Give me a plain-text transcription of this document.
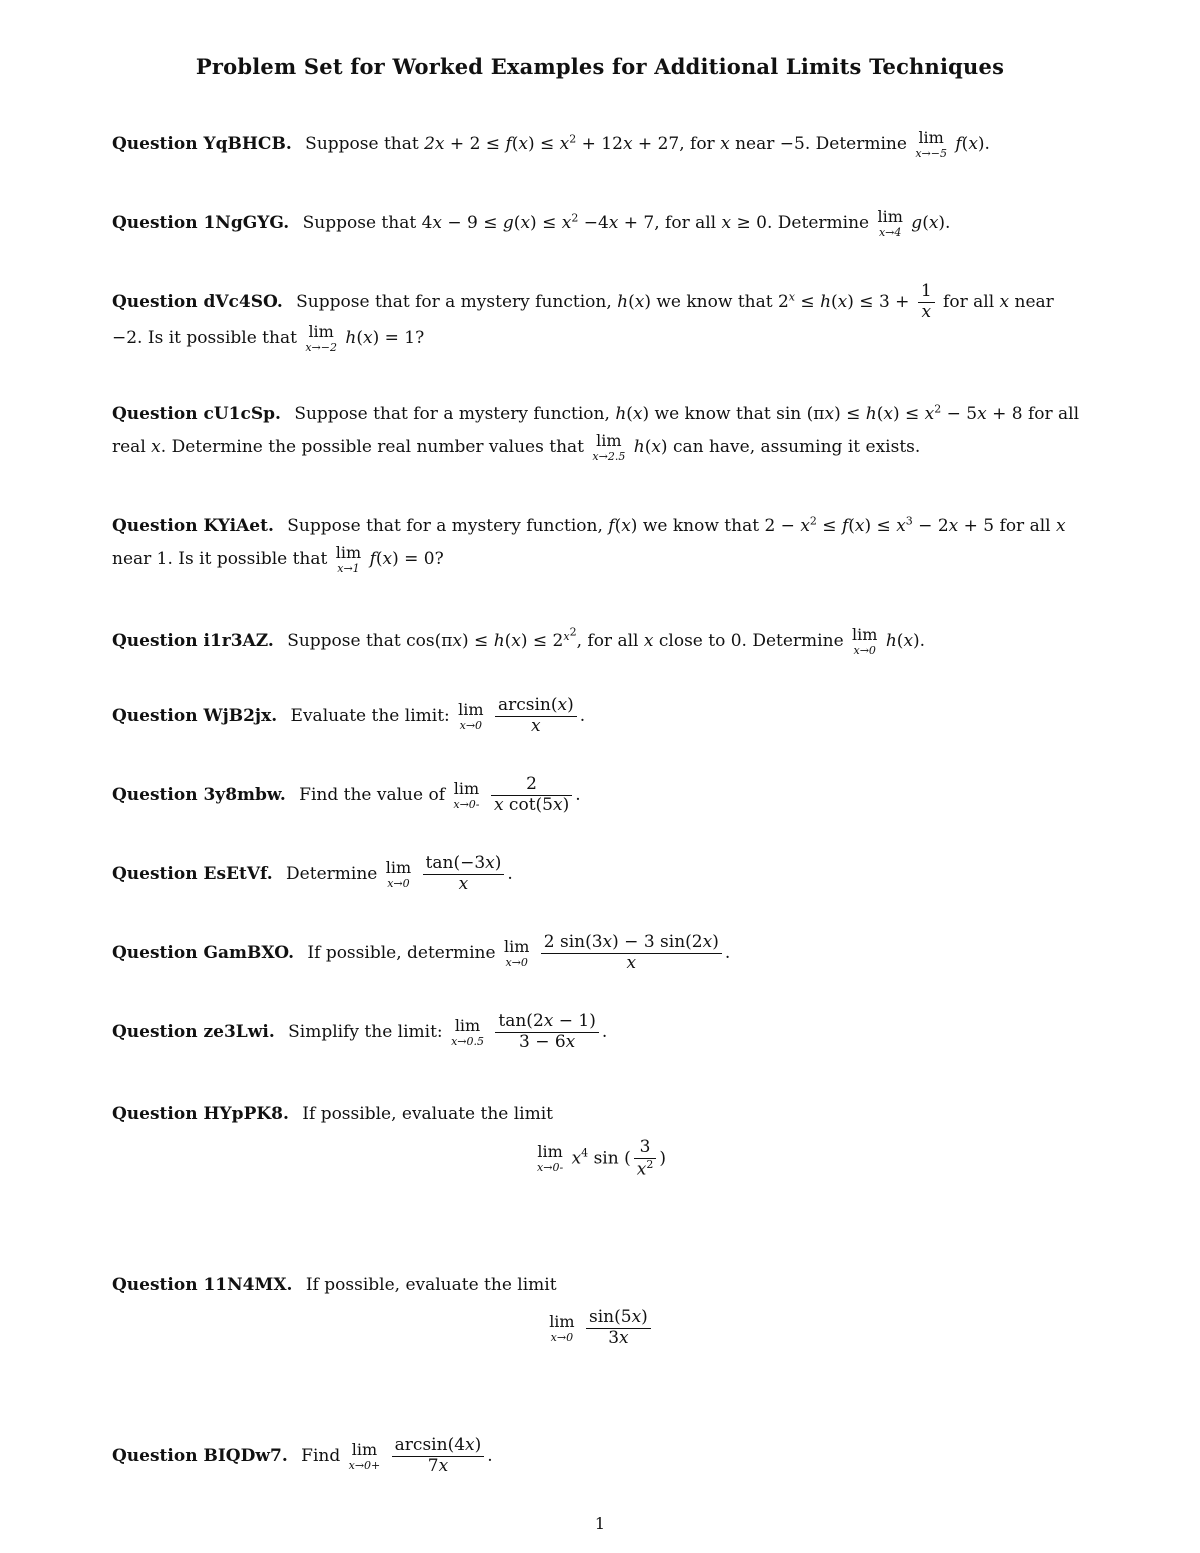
Problem Set for Worked Examples for Additional Limits Techniques
Question YqBHCB. Suppose that $2x + 2 \le f(x) \le x^2 + 12x + 27$, for x near −5. Determine lim
x→−5 f(x).
Question 1NgGYG. Suppose that $4x - 9 \le g(x) \le x^2 -4x + 7$, for all x ≥ 0. Determine lim
x→4 g(x).
Question dVc4SO. Suppose that for a mystery function, h(x) we know that $2^x \le h(x) \le 3 + \frac{1}{x}$ for all x near −2. Is it possible that lim
x→−2 h(x) = 1?
Question cU1cSp. Suppose that for a mystery function, h(x) we know that $\sin (\pi x) \le h(x) \le x^2 - 5x + 8$ for all real x. Determine the possible real number values that lim
x→2.5 h(x) can have, assuming it exists.
Question KYiAet. Suppose that for a mystery function, f(x) we know that $2 - x^2 \le f(x) \le x^3 - 2x + 5$ for all x near 1. Is it possible that lim
x→1 f(x) = 0?
Question i1r3AZ. Suppose that $\cos(\pi x) \le h(x) \le 2^{x^2}$, for all x close to 0. Determine lim
x→0 h(x).
Question WjB2jx. Evaluate the limit: lim
x→0
$\frac{\arcsin(x)}{x}$ .
Question 3y8mbw. Find the value of lim
x→0-
$\frac{2}{\text{x cot(5x)}}$ .
Question EsEtVf. Determine lim
x→0
$\frac{\tan(-3x)}{x}$ .
Question GamBXO. If possible, determine lim
x→0
$\frac{2 \sin(3x) - 3 \sin(2x)}{x}$ .
Question ze3Lwi. Simplify the limit: lim
x→0.5
$\frac{\tan(2x - 1)}{3 - 6x}$ .
Question HYpPK8. If possible, evaluate the limit
lim
x→0- $x^4$ sin ( $\frac{3}{x^2}$ )
Question 11N4MX. If possible, evaluate the limit
lim
x→0
$\frac{\sin(5x)}{3x}$
Question BIQDw7. Find lim
x→0+
$\frac{\arcsin(4x)}{7x}$ .
1
